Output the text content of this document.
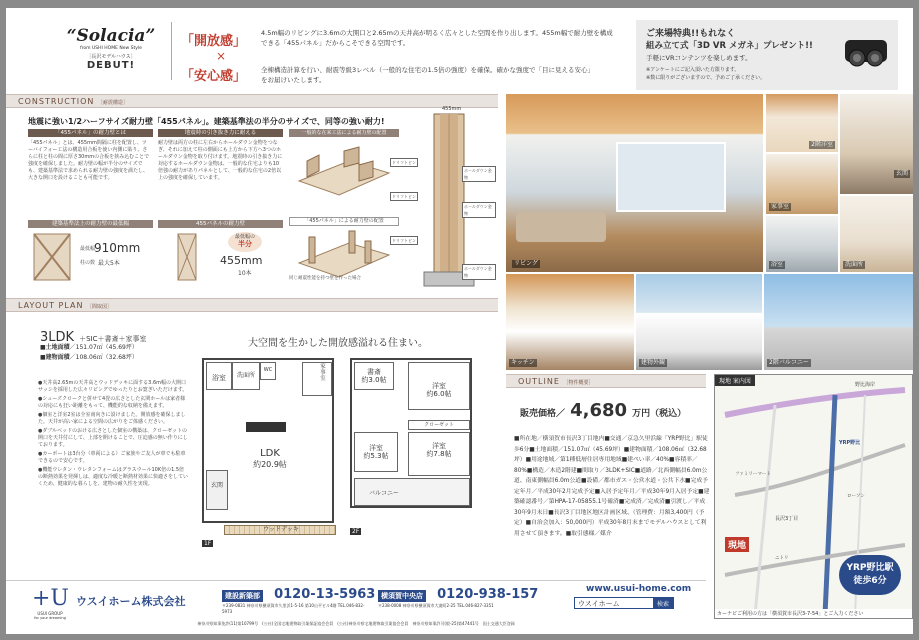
“Solacia”
from USHI HOME New Style
［長沢モデルハウス］
DEBUT!
「開放感」
×
「安心感」
4.5m幅のリビングに3.6mの大開口と2.65mの天井高が明るく広々とした空間を作り出します。455m幅で耐力壁を構成できる「455パネル」だからこそできる空間です。
全棟構造計算を行い、耐震等級3レベル（一般的な住宅の1.5倍の強度）を確保。確かな強度で「目に見える安心」をお届けいたします。
ご来場特典!!もれなく
組み立て式「3D VR メガネ」プレゼント!!
手軽にVRコンテンツを楽しめます。
※アンケートにご記入頂いた方限ります。
※数に限りがございますので、予めご了承ください。
CONSTRUCTION ［耐震構造］
地震に強い1/2ハーフサイズ耐力壁「455パネル」。建築基準法の半分のサイズで、同等の強い耐力!
「455パネル」の耐力壁とは
「455パネル」とは、455mm間隔に柱を配置し、ツーバイフォー工法の構造用合板を使い内側に貼り、さらに柱と柱の間に厚さ30mmの合板を挟み込むことで強度を確保しました。耐力壁の幅が半分のサイズでも、建築基準法で求められる耐力壁の強度を満たし、大きな開口を設けることも可能です。
地震時の引き抜き力に耐える
耐力壁は両方の柱に左右からホールダウン金物をつなぎ、それに加えて柱の側面にも上方から下方へ3つのホールダウン金物を取り付けます。地震時の引き抜き力に対応するホールダウン金物は、一般的な住宅よりも10倍強の耐力がありパネルとして、一般的な住宅の2倍以上の強度を確保しています。
建築基準法上の耐力壁の最低幅
最低幅
910mm
柱の数 最大5本
455パネルの耐力壁
最低幅の
半分
455mm
10本
一般的な在来工法による耐力壁の配置
「455パネル」による耐力壁の配置
同じ耐震性能を持つ壁を作った場合
455mm
ドリフトピン
ホールダウン金物
ドリフトピン
ホールダウン金物
ドリフトピン
ホールダウン金物
リビング
2階洋室
玄関
家事室
浴室	洗面所
キッチン	建物外観	2階バルコニー
LAYOUT PLAN ［間取図］
3LDK ＋SIC＋書斎＋家事室
■土地面積／151.07㎡（45.69坪）
■建物面積／108.06㎡（32.68坪）
●天井高2.65mの天井高とウッドデッキに面する3.6m幅の大開口サッシを採用した広々リビングでゆったりとお寛ぎいただけます。
●シューズクロークと併せて4畳の広さとした玄関ホールは家者様の対応にも狂い距離をもって、機能的な収納を備えます。
●個室と洋室2室は全室南向きに設けました。開放感を確保しました。天井が高い家による空間の広がりをご体感ください。
●ダブルベッドのおける広さとした個室の構築は、クローゼットの開口を天井付にして、上部を開けることで、圧迫感の無い作りにしております。
●カーポートは3台分（車両による）ご家族やご友人が車でも駐車できるので安心です。
●機能ウレタン・ウレタンフォームはグラスウール10K倍の1.5倍の断熱効果を発揮しは、適度な冷暖と断熱材効果に快適さをしていくため、健康的な暮らしを、建物の耐久性を実現。
大空間を生かした開放感溢れる住まい。
浴室	洗面所
WC	家事室
LDK
約20.9帖
玄関
ウッドデッキ
1F
書斎
約3.0帖
洋室
約6.0帖
クローゼット
洋室
約5.3帖
洋室
約7.8帖
バルコニー
2F
OUTLINE ［物件概要］
販売価格／ 4,680 万円（税込）
■所在地／横須賀市長沢3丁目地内■交通／京急久里浜線「YRP野比」駅徒歩6分■土地面積／151.07㎡（45.69坪）■建物面積／108.06㎡（32.68坪）■用途地域／第1種低層住居専用地域■建ぺい率／40%■容積率／80%■構造／木造2階建■間取り／3LDK+SIC■道路／北西側幅員6.0m公道、南東側幅員6.0m公道■設備／都市ガス・公営水道・公共下水■完成予定年月／平成30年2月完成予定■入居予定年月／平成30年9月入居予定■建築確認番号／第HPA-17-05855.1号確済■完成済／完成済■引渡し／平成30年9月末日■長沢3丁目地区地区計画区域、（管理費：月額3,400円（予定）■自治会加入：50,000円）平成30年8月末までモデルハウスとして利用させて頂きます。■取引態様／媒介
現地 案内図	野比海岸
YRP野比
ファミリーマート
ローソン
長沢3丁目
ニトリ
現地
YRP野比駅
徒歩6分
カーナビご利用の方は「横須賀市長沢3-7-54」とご入力ください
+U
USUI GROUP
for your dreaming
ウスイホーム株式会社	建設新築部 0120-13-5963
〒239-0831 神奈川県横須賀市久里浜1-5-16 第10山平ビル4階 TEL.046-832-5973
横須賀中央店 0120-938-157
〒238-0008 神奈川県横須賀市大滝町2-25 TEL.046-827-3351
www.usui-home.com
ウスイホーム	検索
神奈川県知事免許(11)第10799号　(公社)全国宅地建物取引業保証協会会員　(公社)神奈川県宅地建物取引業協会会員　神奈川県知事許可(般-25)第47441号　国土交通大臣登録
